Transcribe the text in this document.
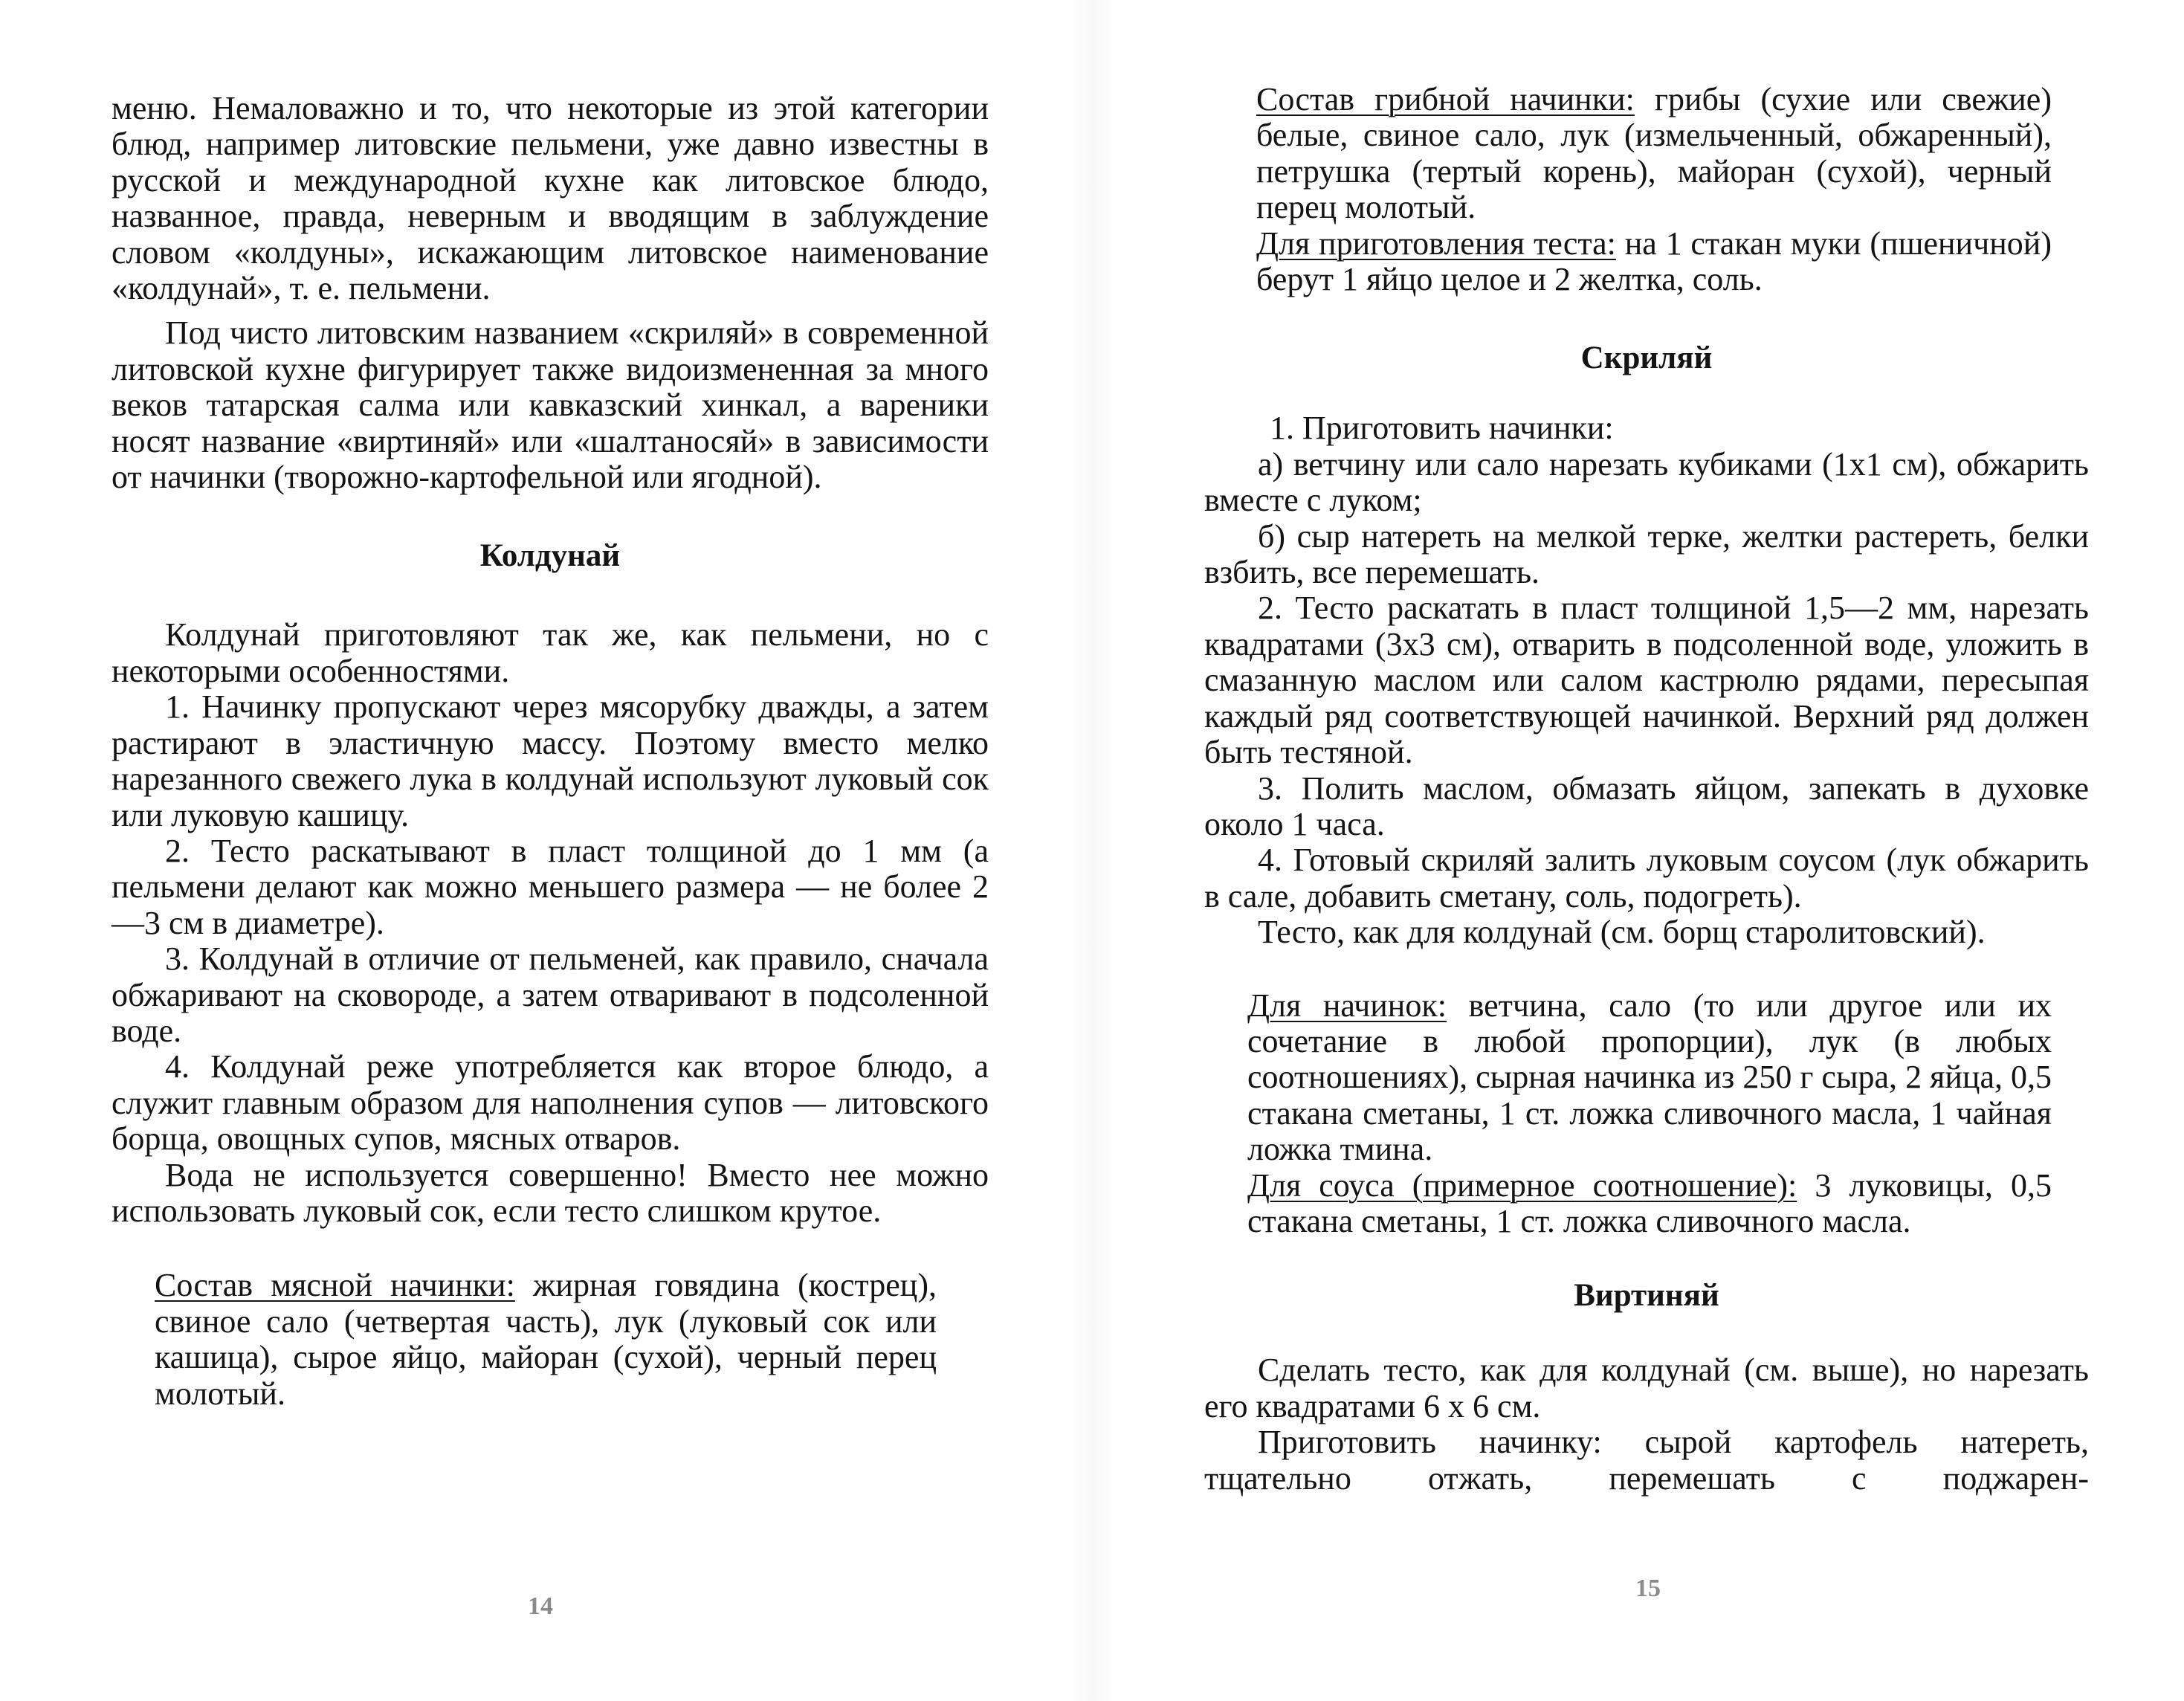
меню. Немаловажно и то, что некоторые из этой категории блюд, например литовские пельмени, уже давно известны в русской и международной кухне как литовское блюдо, названное, правда, неверным и вводящим в заблуждение словом «колдуны», искажающим литовское наименование «колдунай», т. е. пельмени.

Под чисто литовским названием «скриляй» в современной литовской кухне фигурирует также видоизмененная за много веков татарская салма или кавказский хинкал, а вареники носят название «виртиняй» или «шалтаносяй» в зависимости от начинки (творожно-картофельной или ягодной).

Колдунай

Колдунай приготовляют так же, как пельмени, но с некоторыми особенностями.

1. Начинку пропускают через мясорубку дважды, а затем растирают в эластичную массу. Поэтому вместо мелко нарезанного свежего лука в колдунай используют луковый сок или луковую кашицу.

2. Тесто раскатывают в пласт толщиной до 1 мм (а пельмени делают как можно меньшего размера — не более 2—3 см в диаметре).

3. Колдунай в отличие от пельменей, как правило, сначала обжаривают на сковороде, а затем отваривают в подсоленной воде.

4. Колдунай реже употребляется как второе блюдо, а служит главным образом для наполнения супов — литовского борща, овощных супов, мясных отваров.

Вода не используется совершенно! Вместо нее можно использовать луковый сок, если тесто слишком крутое.

Состав мясной начинки: жирная говядина (кострец), свиное сало (четвертая часть), лук (луковый сок или кашица), сырое яйцо, майоран (сухой), черный перец молотый.

14

Состав грибной начинки: грибы (сухие или свежие) белые, свиное сало, лук (измельченный, обжаренный), петрушка (тертый корень), майоран (сухой), черный перец молотый.

Для приготовления теста: на 1 стакан муки (пшеничной) берут 1 яйцо целое и 2 желтка, соль.

Скриляй

1. Приготовить начинки:

а) ветчину или сало нарезать кубиками (1х1 см), обжарить вместе с луком;

б) сыр натереть на мелкой терке, желтки растереть, белки взбить, все перемешать.

2. Тесто раскатать в пласт толщиной 1,5—2 мм, нарезать квадратами (3х3 см), отварить в подсоленной воде, уложить в смазанную маслом или салом кастрюлю рядами, пересыпая каждый ряд соответствующей начинкой. Верхний ряд должен быть тестяной.

3. Полить маслом, обмазать яйцом, запекать в духовке около 1 часа.

4. Готовый скриляй залить луковым соусом (лук обжарить в сале, добавить сметану, соль, подогреть).

Тесто, как для колдунай (см. борщ старолитовский).

Для начинок: ветчина, сало (то или другое или их сочетание в любой пропорции), лук (в любых соотношениях), сырная начинка из 250 г сыра, 2 яйца, 0,5 стакана сметаны, 1 ст. ложка сливочного масла, 1 чайная ложка тмина.

Для соуса (примерное соотношение): 3 луковицы, 0,5 стакана сметаны, 1 ст. ложка сливочного масла.

Виртиняй

Сделать тесто, как для колдунай (см. выше), но нарезать его квадратами 6 х 6 см.

Приготовить начинку: сырой картофель натереть, тщательно отжать, перемешать с поджарен-

15
